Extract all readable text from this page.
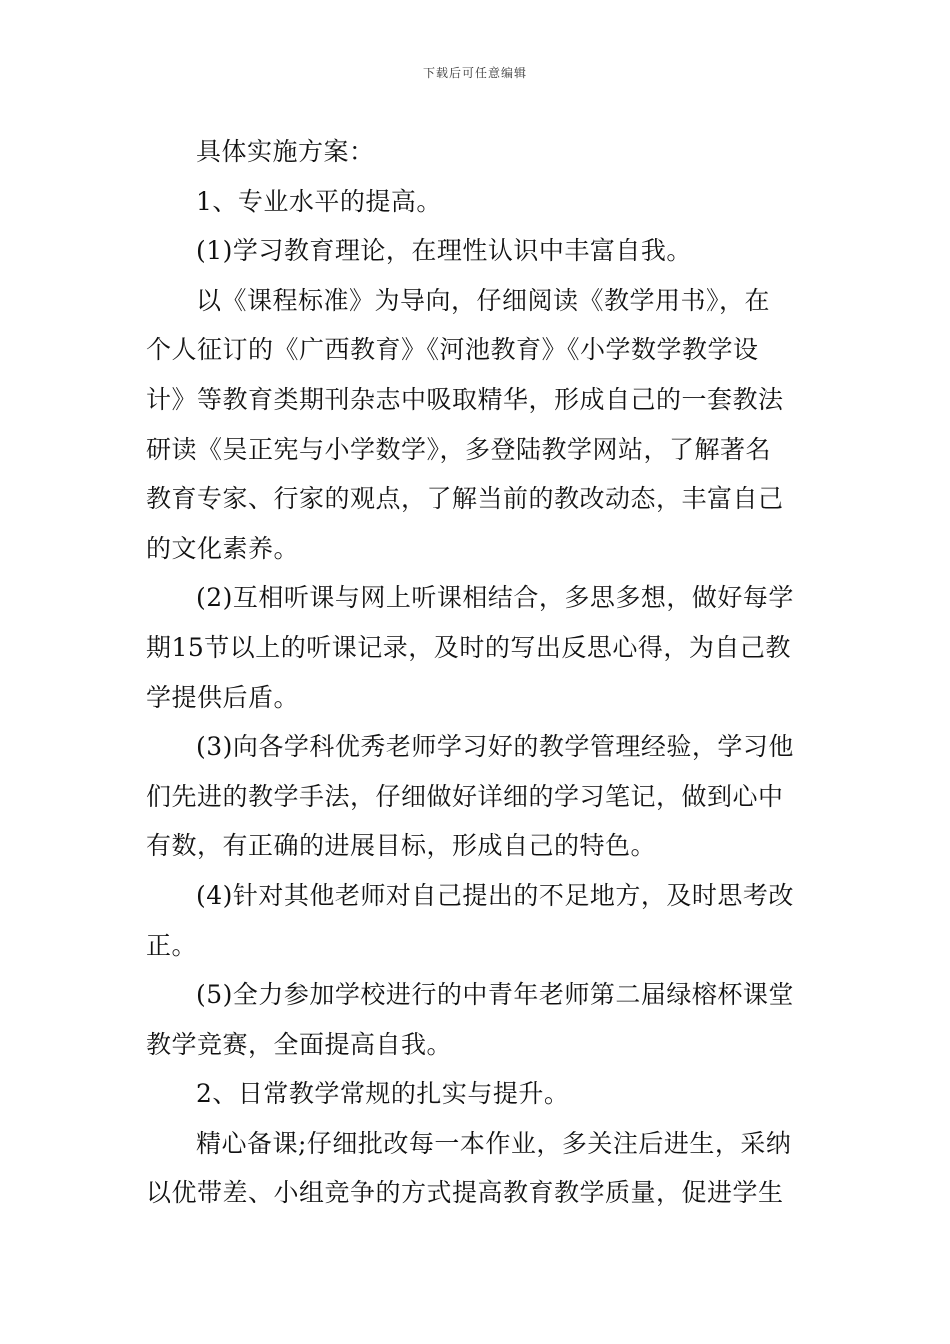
下载后可任意编辑
具体实施方案：
1、专业水平的提高。
(1)学习教育理论，在理性认识中丰富自我。
以《课程标准》为导向，仔细阅读《教学用书》，在
个人征订的《广西教育》《河池教育》《小学数学教学设
计》等教育类期刊杂志中吸取精华，形成自己的一套教法
研读《吴正宪与小学数学》，多登陆教学网站，了解著名
教育专家、行家的观点，了解当前的教改动态，丰富自己
的文化素养。
(2)互相听课与网上听课相结合，多思多想，做好每学
期15节以上的听课记录，及时的写出反思心得，为自己教
学提供后盾。
(3)向各学科优秀老师学习好的教学管理经验，学习他
们先进的教学手法，仔细做好详细的学习笔记，做到心中
有数，有正确的进展目标，形成自己的特色。
(4)针对其他老师对自己提出的不足地方，及时思考改
正。
(5)全力参加学校进行的中青年老师第二届绿榕杯课堂
教学竞赛，全面提高自我。
2、日常教学常规的扎实与提升。
精心备课;仔细批改每一本作业，多关注后进生，采纳
以优带差、小组竞争的方式提高教育教学质量，促进学生
